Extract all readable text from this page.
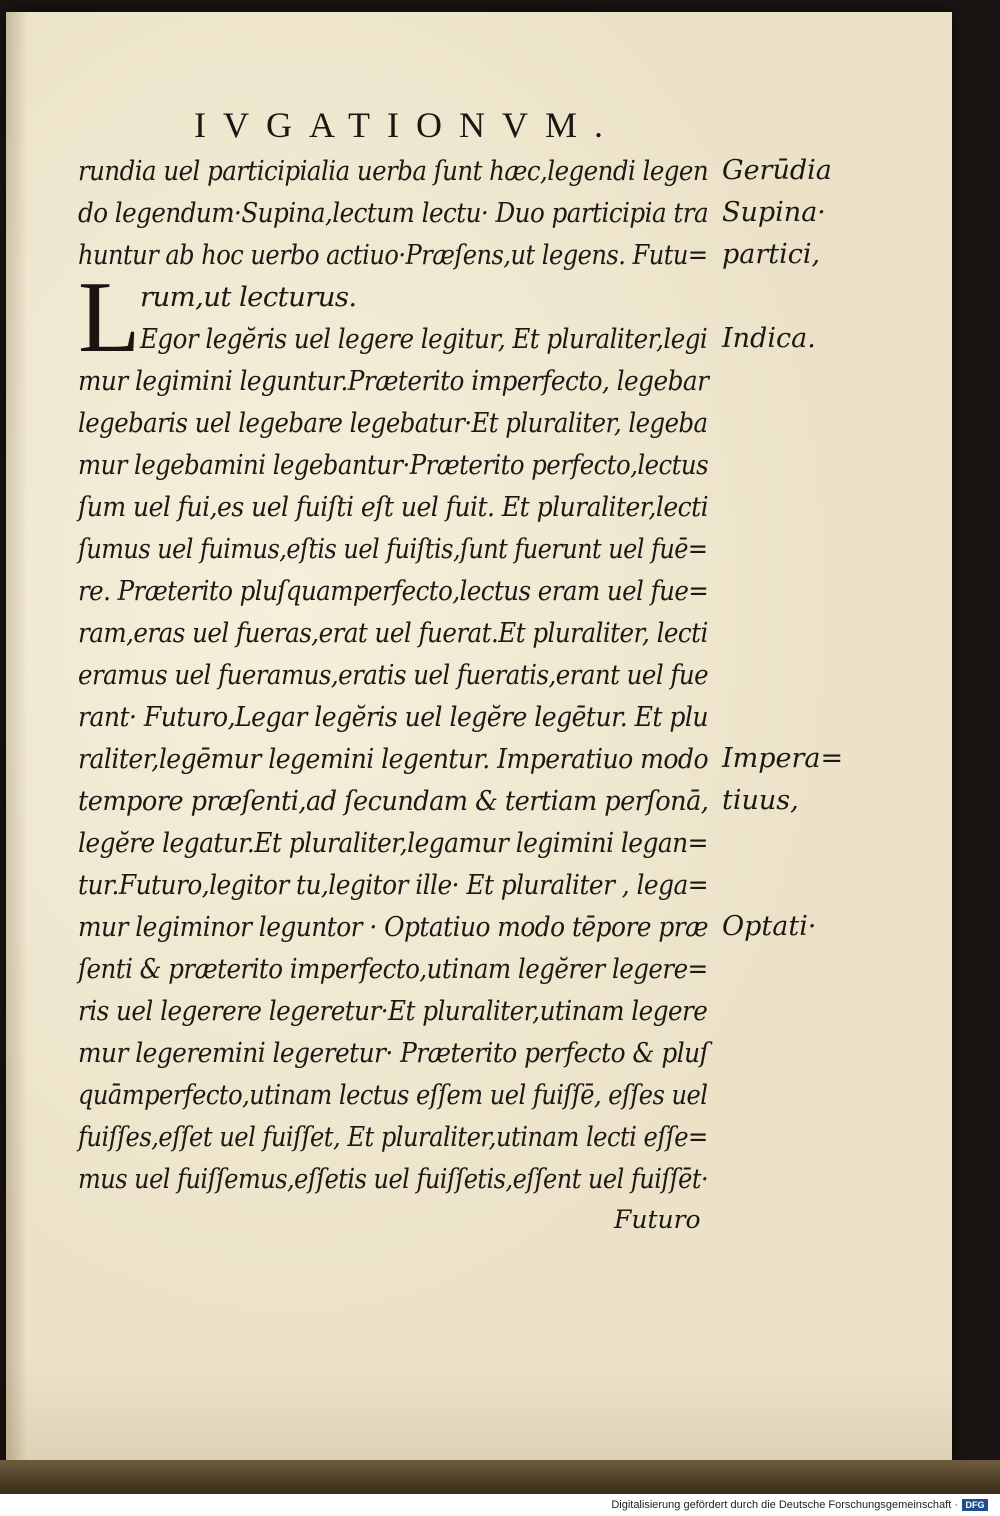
IVGATIONVM.
L
rundia uel participialia uerba ſunt hæc,legendi legen
do legendum·Supina,lectum lectu· Duo participia tra
huntur ab hoc uerbo actiuo·Præſens,ut legens. Futu=
rum,ut lecturus.
Egor legĕris uel legere legitur, Et pluraliter,legi
mur legimini leguntur.Præterito imperfecto, legebar
legebaris uel legebare legebatur·Et pluraliter, legeba
mur legebamini legebantur·Præterito perfecto,lectus
ſum uel fui,es uel fuiſti eſt uel fuit. Et pluraliter,lecti
ſumus uel fuimus,eſtis uel fuiſtis,ſunt fuerunt uel fuē=
re. Præterito pluſquamperfecto,lectus eram uel fue=
ram,eras uel fueras,erat uel fuerat.Et pluraliter, lecti
eramus uel fueramus,eratis uel fueratis,erant uel fue
rant· Futuro,Legar legĕris uel legĕre legētur. Et plu
raliter,legēmur legemini legentur. Imperatiuo modo
tempore præſenti,ad ſecundam & tertiam perſonā,
legĕre legatur.Et pluraliter,legamur legimini legan=
tur.Futuro,legitor tu,legitor ille· Et pluraliter , lega=
mur legiminor leguntor · Optatiuo modo tēpore præ
ſenti & præterito imperfecto,utinam legĕrer legere=
ris uel legerere legeretur·Et pluraliter,utinam legere
mur legeremini legeretur· Præterito perfecto & pluſ
quāmperfecto,utinam lectus eſſem uel fuiſſē, eſſes uel
fuiſſes,eſſet uel fuiſſet, Et pluraliter,utinam lecti eſſe=
mus uel fuiſſemus,eſſetis uel fuiſſetis,eſſent uel fuiſſēt·
Futuro
Gerūdia
Supina·
partici,
Indica.
Impera=
tiuus,
Optati·
Digitalisierung gefördert durch die Deutsche Forschungsgemeinschaft · DFG
